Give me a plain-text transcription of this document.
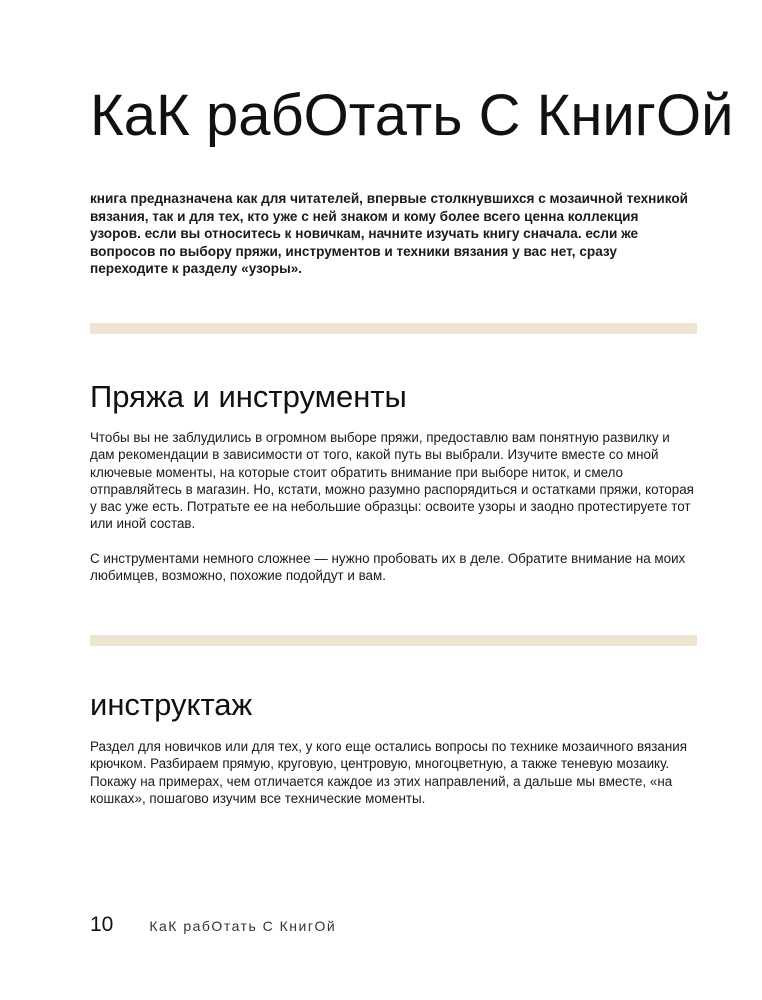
КаК рабОтать С КнигОй

книга предназначена как для читателей, впервые столкнувшихся с мозаичной техникой вязания, так и для тех, кто уже с ней знаком и кому более всего ценна коллекция узоров. если вы относитесь к новичкам, начните изучать книгу сначала. если же вопросов по выбору пряжи, инструментов и техники вязания у вас нет, сразу переходите к разделу «узоры».

Пряжа и инструменты

Чтобы вы не заблудились в огромном выборе пряжи, предоставлю вам понятную развилку и дам рекомендации в зависимости от того, какой путь вы выбрали. Изучите вместе со мной ключевые моменты, на которые стоит обратить внимание при выборе ниток, и смело отправляйтесь в магазин. Но, кстати, можно разумно распорядиться и остатками пряжи, которая у вас уже есть. Потратьте ее на небольшие образцы: освоите узоры и заодно протестируете тот или иной состав.

С инструментами немного сложнее — нужно пробовать их в деле. Обратите внимание на моих любимцев, возможно, похожие подойдут и вам.

инструктаж

Раздел для новичков или для тех, у кого еще остались вопросы по технике мозаичного вязания крючком. Разбираем прямую, круговую, центровую, многоцветную, а также теневую мозаику. Покажу на примерах, чем отличается каждое из этих направлений, а дальше мы вместе, «на кошках», пошагово изучим все технические моменты.

10	КаК рабОтать С КнигОй
